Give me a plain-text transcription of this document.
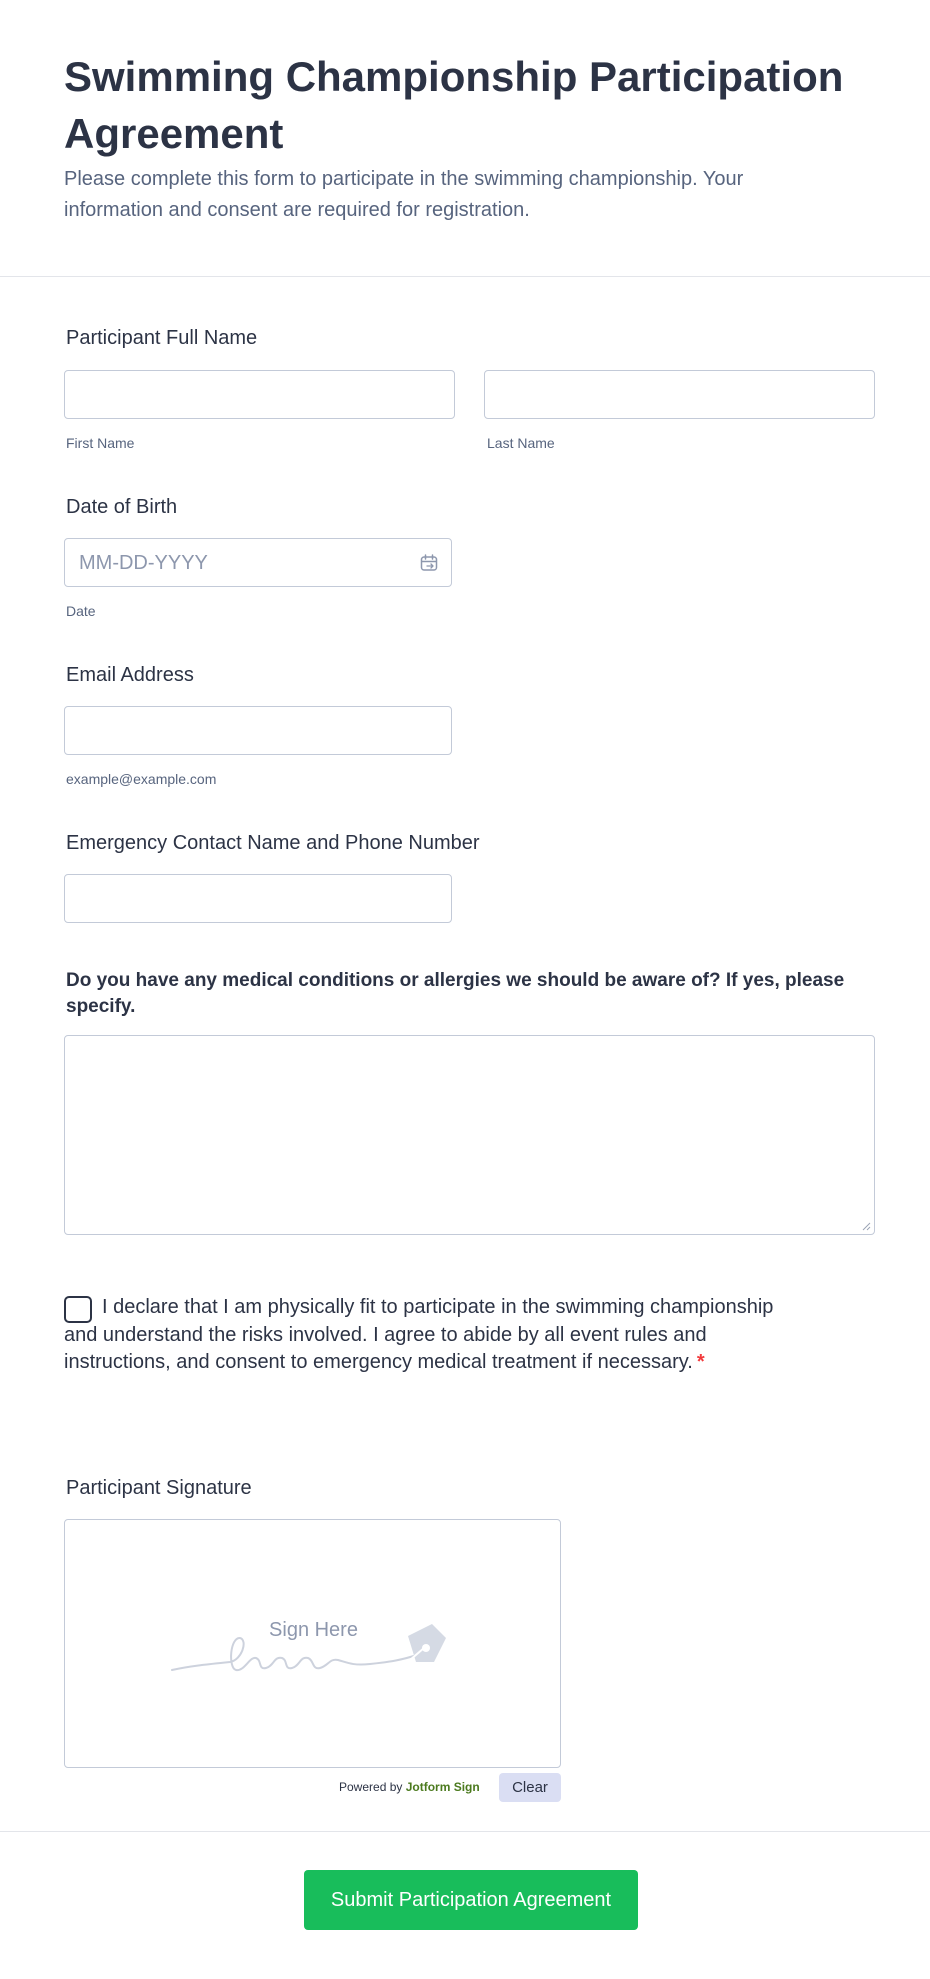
Swimming Championship Participation Agreement

Please complete this form to participate in the swimming championship. Your information and consent are required for registration.

Participant Full Name
First Name	Last Name
Date of Birth
MM-DD-YYYY
Date
Email Address
example@example.com
Emergency Contact Name and Phone Number
Do you have any medical conditions or allergies we should be aware of? If yes, please specify.
I declare that I am physically fit to participate in the swimming championship and understand the risks involved. I agree to abide by all event rules and instructions, and consent to emergency medical treatment if necessary. *
Participant Signature
Sign Here
Powered by Jotform Sign	Clear
Submit Participation Agreement
